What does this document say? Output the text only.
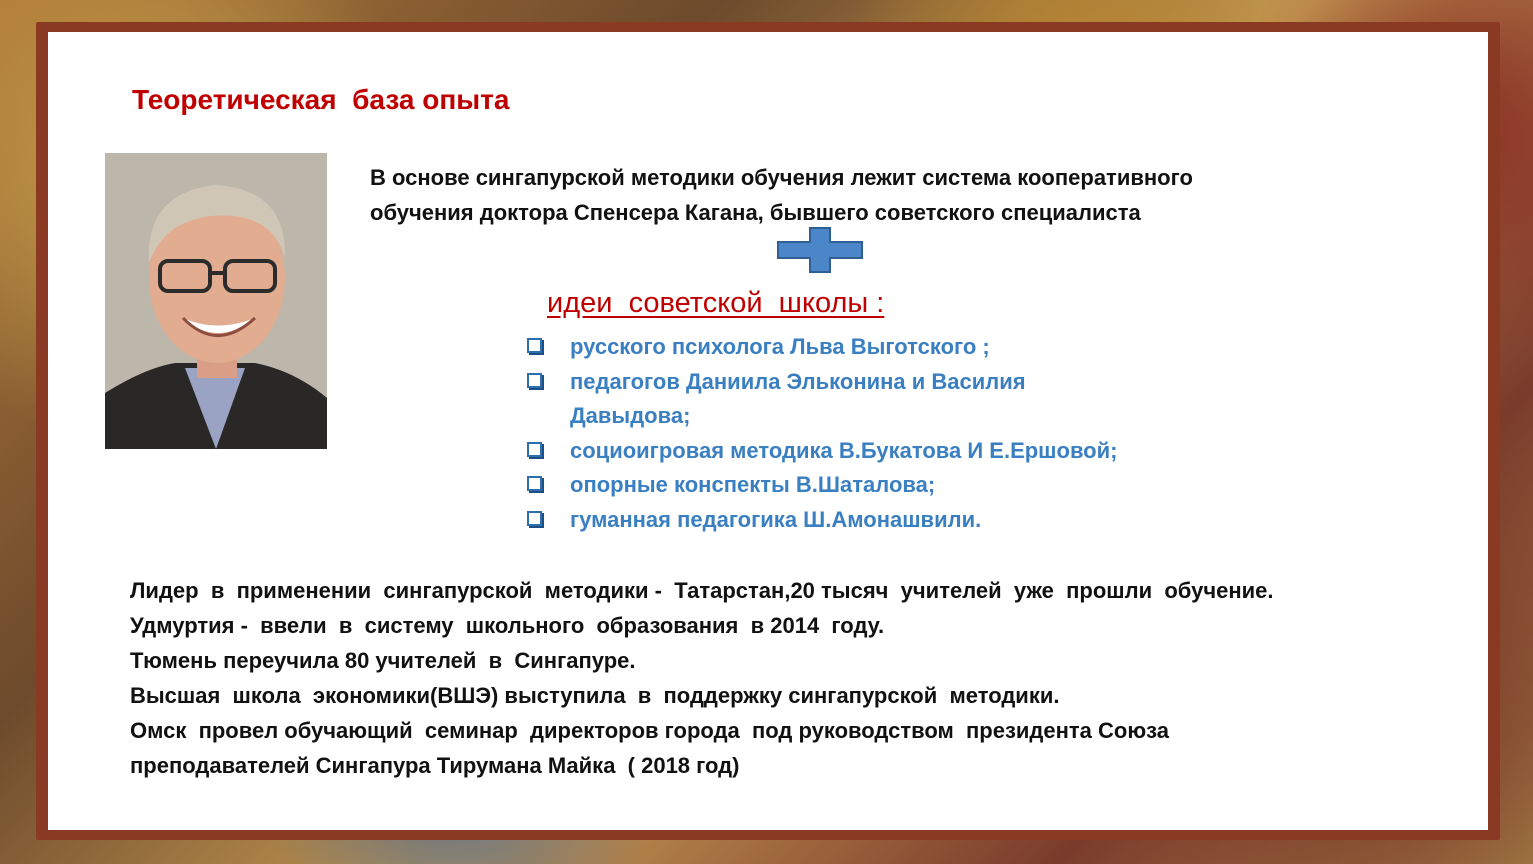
Теоретическая  база опыта
В основе сингапурской методики обучения лежит система кооперативного
обучения доктора Спенсера Кагана, бывшего советского специалиста
идеи  советской  школы :
русского психолога Льва Выготского ;
педагогов Даниила Эльконина и Василия Давыдова;
социоигровая методика В.Букатова И Е.Ершовой;
опорные конспекты В.Шаталова;
гуманная педагогика Ш.Амонашвили.
Лидер  в  применении  сингапурской  методики -  Татарстан,20 тысяч  учителей  уже  прошли  обучение.
Удмуртия -  ввели  в  систему  школьного  образования  в 2014  году.
Тюмень переучила 80 учителей  в  Сингапуре.
Высшая  школа  экономики(ВШЭ) выступила  в  поддержку сингапурской  методики.
Омск  провел обучающий  семинар  директоров города  под руководством  президента Союза
преподавателей Сингапура Тирумана Майка  ( 2018 год)
